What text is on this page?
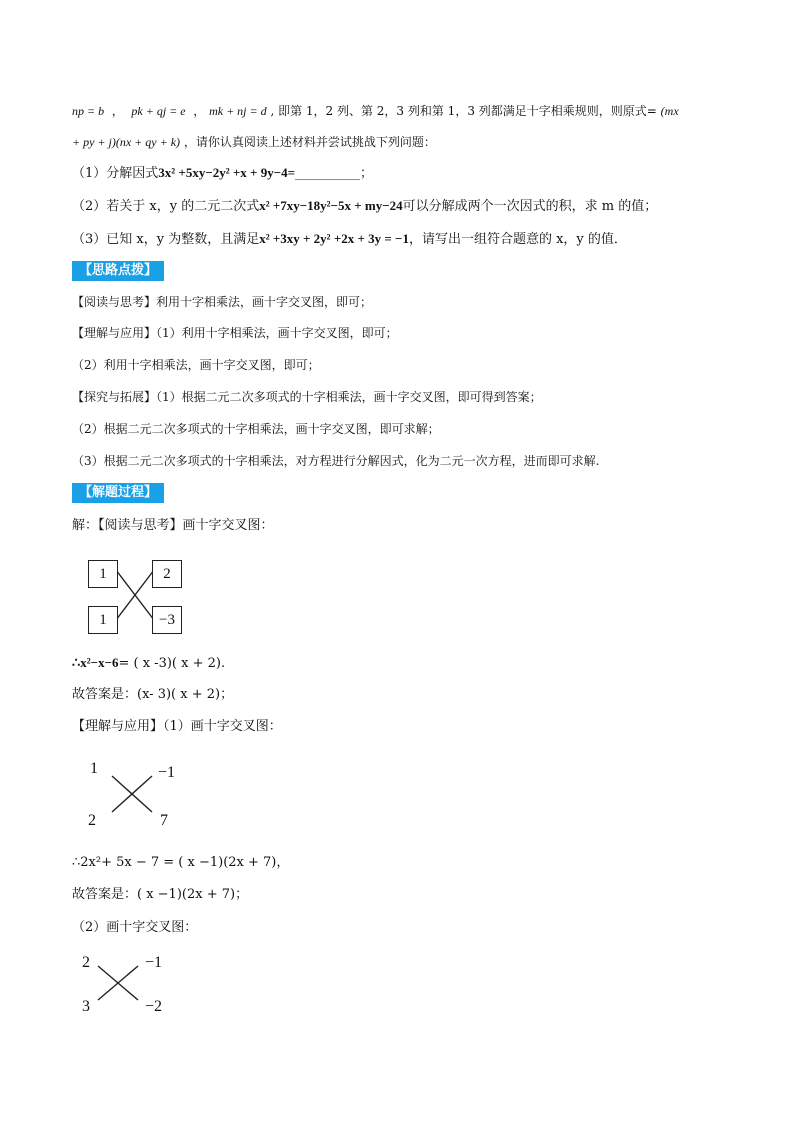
np = b  ，  pk + qj = e  ， mk + nj = d , 即第 1，2 列、第 2，3 列和第 1，3 列都满足十字相乘规则，则原式= (mx
+ py + j)(nx + qy + k) ，请你认真阅读上述材料并尝试挑战下列问题：
（1）分解因式3x² +5xy−2y² +x + 9y−4=__________；
（2）若关于 x，y 的二元二次式x² +7xy−18y²−5x + my−24可以分解成两个一次因式的积，求 m 的值；
（3）已知 x，y 为整数，且满足x² +3xy + 2y² +2x + 3y = −1，请写出一组符合题意的 x，y 的值．
【思路点拨】
【阅读与思考】利用十字相乘法，画十字交叉图，即可；
【理解与应用】（1）利用十字相乘法，画十字交叉图，即可；
（2）利用十字相乘法，画十字交叉图，即可；
【探究与拓展】（1）根据二元二次多项式的十字相乘法，画十字交叉图，即可得到答案；
（2）根据二元二次多项式的十字相乘法，画十字交叉图，即可求解；
（3）根据二元二次多项式的十字相乘法，对方程进行分解因式，化为二元一次方程，进而即可求解.
【解题过程】
解：【阅读与思考】画十字交叉图：
1	2
1	−3
∴x²−x−6= ( x -3)( x + 2).
故答案是：(x- 3)( x + 2)；
【理解与应用】（1）画十字交叉图：
1	−1
2	7
∴2x²+ 5x − 7 = ( x −1)(2x + 7)，
故答案是：( x −1)(2x + 7)；
（2）画十字交叉图：
2	−1
3	−2
